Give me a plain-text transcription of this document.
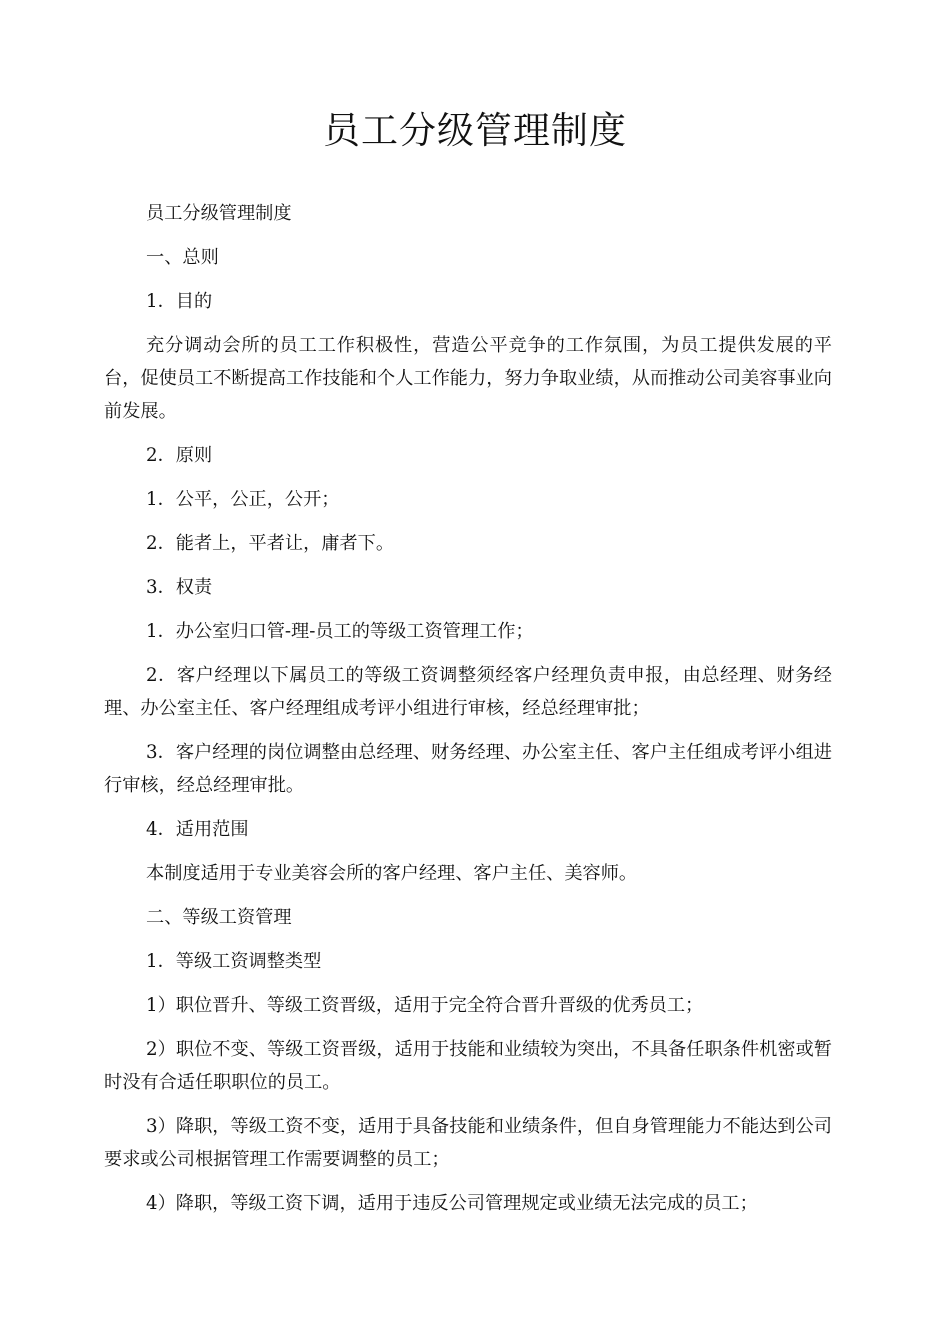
员工分级管理制度

员工分级管理制度

一、总则

1．目的

充分调动会所的员工工作积极性，营造公平竞争的工作氛围，为员工提供发展的平台，促使员工不断提高工作技能和个人工作能力，努力争取业绩，从而推动公司美容事业向前发展。

2．原则

1．公平，公正，公开；

2．能者上，平者让，庸者下。

3．权责

1．办公室归口管-理-员工的等级工资管理工作；

2．客户经理以下属员工的等级工资调整须经客户经理负责申报，由总经理、财务经理、办公室主任、客户经理组成考评小组进行审核，经总经理审批；

3．客户经理的岗位调整由总经理、财务经理、办公室主任、客户主任组成考评小组进行审核，经总经理审批。

4．适用范围

本制度适用于专业美容会所的客户经理、客户主任、美容师。

二、等级工资管理

1．等级工资调整类型

1）职位晋升、等级工资晋级，适用于完全符合晋升晋级的优秀员工；

2）职位不变、等级工资晋级，适用于技能和业绩较为突出，不具备任职条件机密或暂时没有合适任职职位的员工。

3）降职，等级工资不变，适用于具备技能和业绩条件，但自身管理能力不能达到公司要求或公司根据管理工作需要调整的员工；

4）降职，等级工资下调，适用于违反公司管理规定或业绩无法完成的员工；
